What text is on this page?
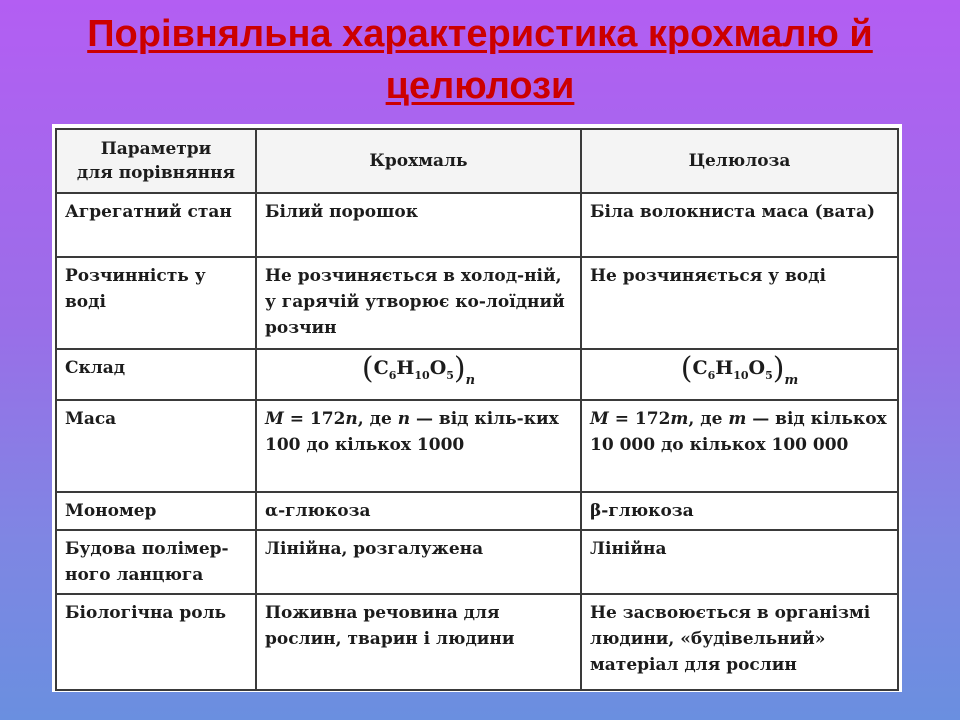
Порівняльна характеристика крохмалю й
целюлози
Параметри
для порівняння	Крохмаль	Целюлоза
Агрегатний стан	Білий порошок	Біла волокниста маса (вата)
Розчинність у воді	Не розчиняється в холод-ній, у гарячій утворює ко-лоїдний розчин	Не розчиняється у воді
Склад	$(C_6H_{10}O_5)_n$	$(C_6H_{10}O_5)_m$
Маса	M = 172n, де n — від кіль-ких 100 до кількох 1000	M = 172m, де m — від кількох 10 000 до кількох 100 000
Мономер	α-глюкоза	β-глюкоза
Будова полімер-ного ланцюга	Лінійна, розгалужена	Лінійна
Біологічна роль	Поживна речовина для рослин, тварин і людини	Не засвоюється в організмі людини, «будівельний» матеріал для рослин
